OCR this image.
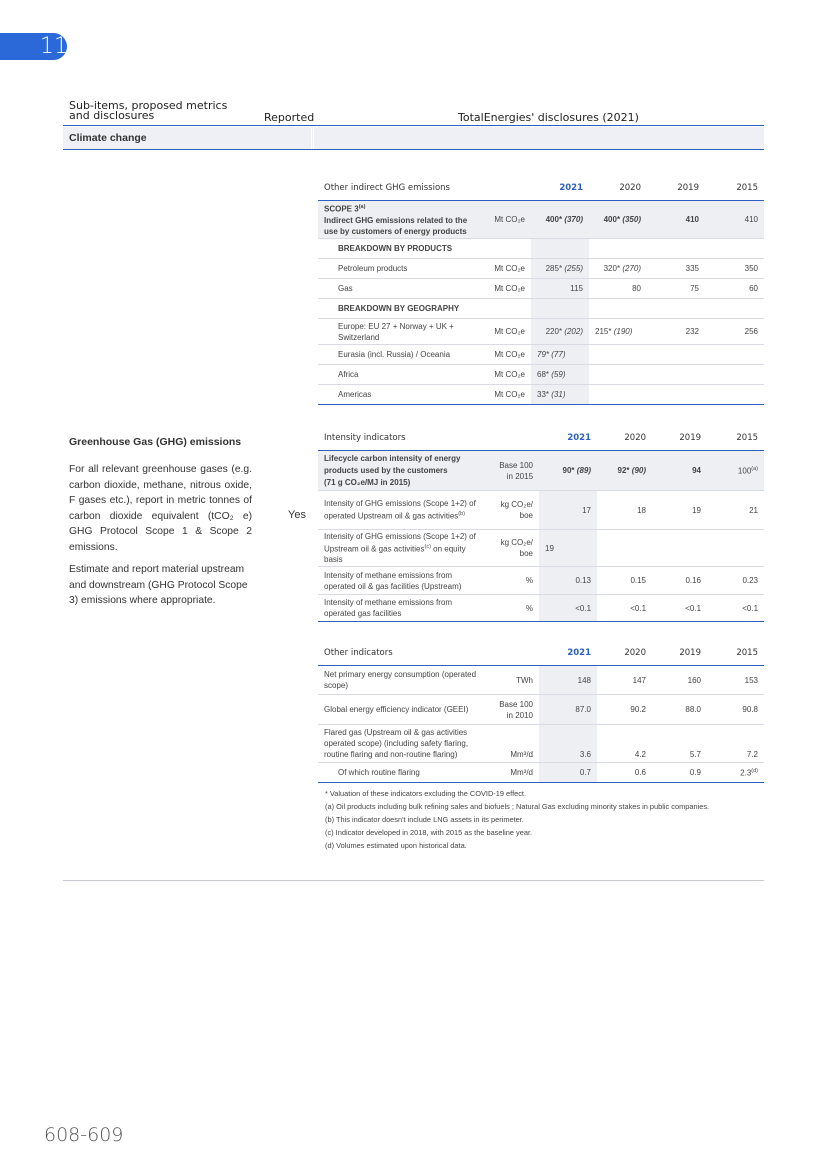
11
Sub-items, proposed metrics and disclosures	Reported	TotalEnergies' disclosures (2021)
Climate change
Greenhouse Gas (GHG) emissions

For all relevant greenhouse gases (e.g. carbon dioxide, methane, nitrous oxide, F gases etc.), report in metric tonnes of carbon dioxide equivalent (tCO₂ e) GHG Protocol Scope 1 & Scope 2 emissions.

Estimate and report material upstream and downstream (GHG Protocol Scope 3) emissions where appropriate.

Yes
Other indirect GHG emissions		2021	2020	2019	2015
SCOPE 3$^{(a)}$
Indirect GHG emissions related to the use by customers of energy products	Mt CO₂e	400* (370)	400* (350)	410	410
BREAKDOWN BY PRODUCTS					
Petroleum products	Mt CO₂e	285* (255)	320* (270)	335	350
Gas	Mt CO₂e	115	80	75	60
BREAKDOWN BY GEOGRAPHY					
Europe: EU 27 + Norway + UK + Switzerland	Mt CO₂e	220* (202)	215* (190)	232	256
Eurasia (incl. Russia) / Oceania	Mt CO₂e	79* (77)			
Africa	Mt CO₂e	68* (59)			
Americas	Mt CO₂e	33* (31)			
Intensity indicators		2021	2020	2019	2015
Lifecycle carbon intensity of energy products used by the customers
(71 g CO₂e/MJ in 2015)	Base 100 in 2015	90* (89)	92* (90)	94	100$^{(a)}$
Intensity of GHG emissions (Scope 1+2) of operated Upstream oil & gas activities$^{(b)}$	kg CO₂e/ boe	17	18	19	21
Intensity of GHG emissions (Scope 1+2) of Upstream oil & gas activities$^{(c)}$ on equity basis	kg CO₂e/ boe	19			
Intensity of methane emissions from operated oil & gas facilities (Upstream)	%	0.13	0.15	0.16	0.23
Intensity of methane emissions from operated gas facilities	%	<0.1	<0.1	<0.1	<0.1
Other indicators		2021	2020	2019	2015
Net primary energy consumption (operated scope)	TWh	148	147	160	153
Global energy efficiency indicator (GEEI)	Base 100 in 2010	87.0	90.2	88.0	90.8
Flared gas (Upstream oil & gas activities operated scope) (including safety flaring, routine flaring and non-routine flaring)	Mm³/d	3.6	4.2	5.7	7.2
Of which routine flaring	Mm³/d	0.7	0.6	0.9	2.3$^{(d)}$
* Valuation of these indicators excluding the COVID-19 effect.
(a) Oil products including bulk refining sales and biofuels ; Natural Gas excluding minority stakes in public companies.
(b) This indicator doesn't include LNG assets in its perimeter.
(c) Indicator developed in 2018, with 2015 as the baseline year.
(d) Volumes estimated upon historical data.
608-609
